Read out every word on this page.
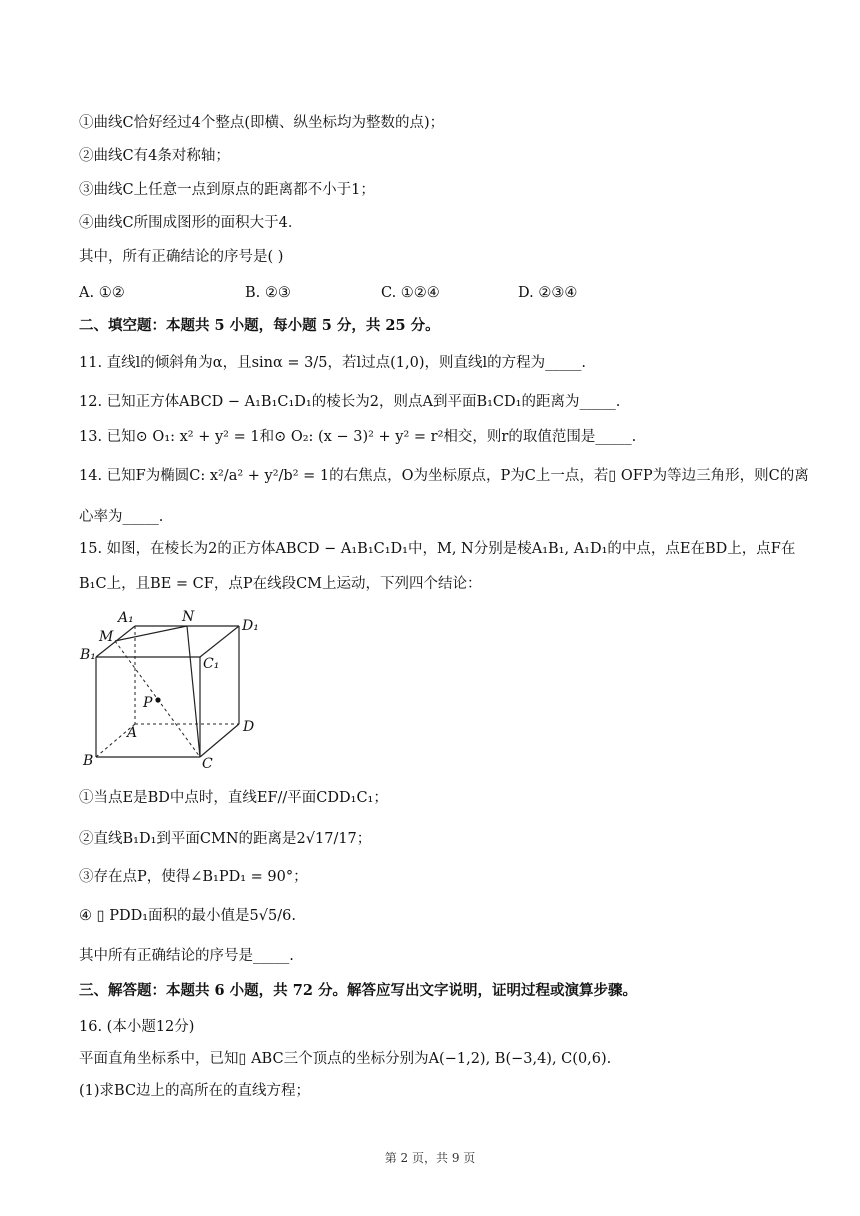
①曲线C恰好经过4个整点(即横、纵坐标均为整数的点)；
②曲线C有4条对称轴；
③曲线C上任意一点到原点的距离都不小于1；
④曲线C所围成图形的面积大于4．
其中，所有正确结论的序号是( )
A. ①②	B. ②③	C. ①②④	D. ②③④
二、填空题：本题共 5 小题，每小题 5 分，共 25 分。
11. 直线l的倾斜角为α，且sinα = 3/5，若l过点(1,0)，则直线l的方程为_____.
12. 已知正方体ABCD − A₁B₁C₁D₁的棱长为2，则点A到平面B₁CD₁的距离为_____.
13. 已知⊙ O₁: x² + y² = 1和⊙ O₂: (x − 3)² + y² = r²相交，则r的取值范围是_____.
14. 已知F为椭圆C: x²/a² + y²/b² = 1的右焦点，O为坐标原点，P为C上一点，若▯ OFP为等边三角形，则C的离
心率为_____.
15. 如图，在棱长为2的正方体ABCD − A₁B₁C₁D₁中，M, N分别是棱A₁B₁, A₁D₁的中点，点E在BD上，点F在
B₁C上，且BE = CF，点P在线段CM上运动，下列四个结论：
A₁	N
D₁
M
B₁
C₁
P
A	D
B	C
①当点E是BD中点时，直线EF//平面CDD₁C₁；
②直线B₁D₁到平面CMN的距离是2√17/17；
③存在点P，使得∠B₁PD₁ = 90°；
④ ▯ PDD₁面积的最小值是5√5/6.
其中所有正确结论的序号是_____.
三、解答题：本题共 6 小题，共 72 分。解答应写出文字说明，证明过程或演算步骤。
16. (本小题12分)
平面直角坐标系中，已知▯ ABC三个顶点的坐标分别为A(−1,2), B(−3,4), C(0,6).
(1)求BC边上的高所在的直线方程；
第 2 页，共 9 页
